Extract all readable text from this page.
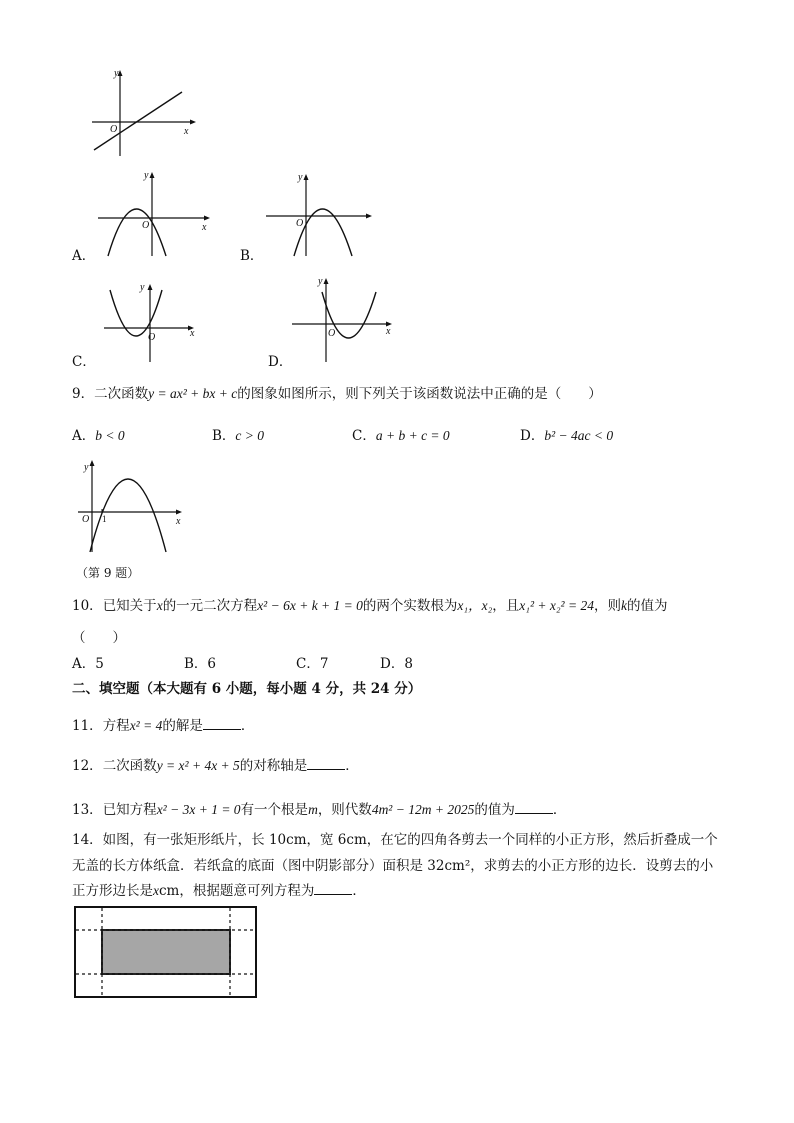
y
x
O
y
x
O
y
O
y
x
O
y
x
O
A．	B．
C．	D．
9．二次函数y = ax² + bx + c的图象如图所示，则下列关于该函数说法中正确的是（　　）
A．b < 0	B．c > 0	C．a + b + c = 0	D．b² − 4ac < 0
y
x
O 1
（第 9 题）
10．已知关于x的一元二次方程x² − 6x + k + 1 = 0的两个实数根为x₁，x₂，且x₁² + x₂² = 24，则k的值为
（　　）
A．5	B．6	C．7	D．8
二、填空题（本大题有 6 小题，每小题 4 分，共 24 分）
11．方程x² = 4的解是	．
12．二次函数y = x² + 4x + 5的对称轴是	．
13．已知方程x² − 3x + 1 = 0有一个根是m，则代数4m² − 12m + 2025的值为	．
14．如图，有一张矩形纸片，长 10cm，宽 6cm，在它的四角各剪去一个同样的小正方形，然后折叠成一个
无盖的长方体纸盒．若纸盒的底面（图中阴影部分）面积是 32cm²，求剪去的小正方形的边长．设剪去的小
正方形边长是xcm，根据题意可列方程为	．
